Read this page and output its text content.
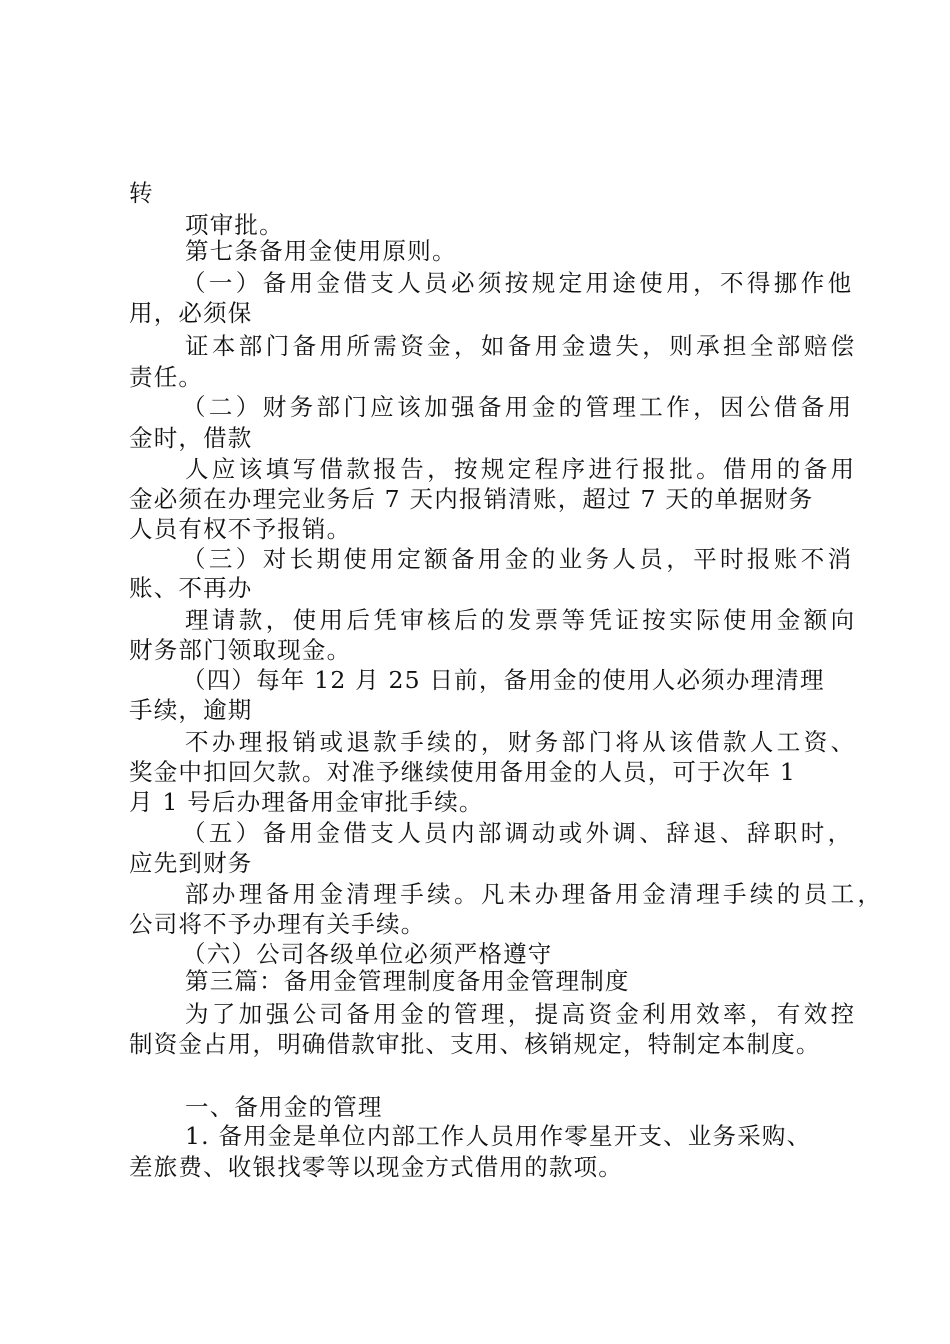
转
项审批。
第七条备用金使用原则。
（一）备用金借支人员必须按规定用途使用，不得挪作他
用，必须保
证本部门备用所需资金，如备用金遗失，则承担全部赔偿
责任。
（二）财务部门应该加强备用金的管理工作，因公借备用
金时，借款
人应该填写借款报告，按规定程序进行报批。借用的备用
金必须在办理完业务后 7 天内报销清账，超过 7 天的单据财务
人员有权不予报销。
（三）对长期使用定额备用金的业务人员，平时报账不消
账、不再办
理请款，使用后凭审核后的发票等凭证按实际使用金额向
财务部门领取现金。
（四）每年 12 月 25 日前，备用金的使用人必须办理清理
手续，逾期
不办理报销或退款手续的，财务部门将从该借款人工资、
奖金中扣回欠款。对准予继续使用备用金的人员，可于次年 1
月 1 号后办理备用金审批手续。
（五）备用金借支人员内部调动或外调、辞退、辞职时，
应先到财务
部办理备用金清理手续。凡未办理备用金清理手续的员工，
公司将不予办理有关手续。
（六）公司各级单位必须严格遵守
第三篇：备用金管理制度备用金管理制度
为了加强公司备用金的管理，提高资金利用效率，有效控
制资金占用，明确借款审批、支用、核销规定，特制定本制度。
一、备用金的管理
1. 备用金是单位内部工作人员用作零星开支、业务采购、
差旅费、收银找零等以现金方式借用的款项。
